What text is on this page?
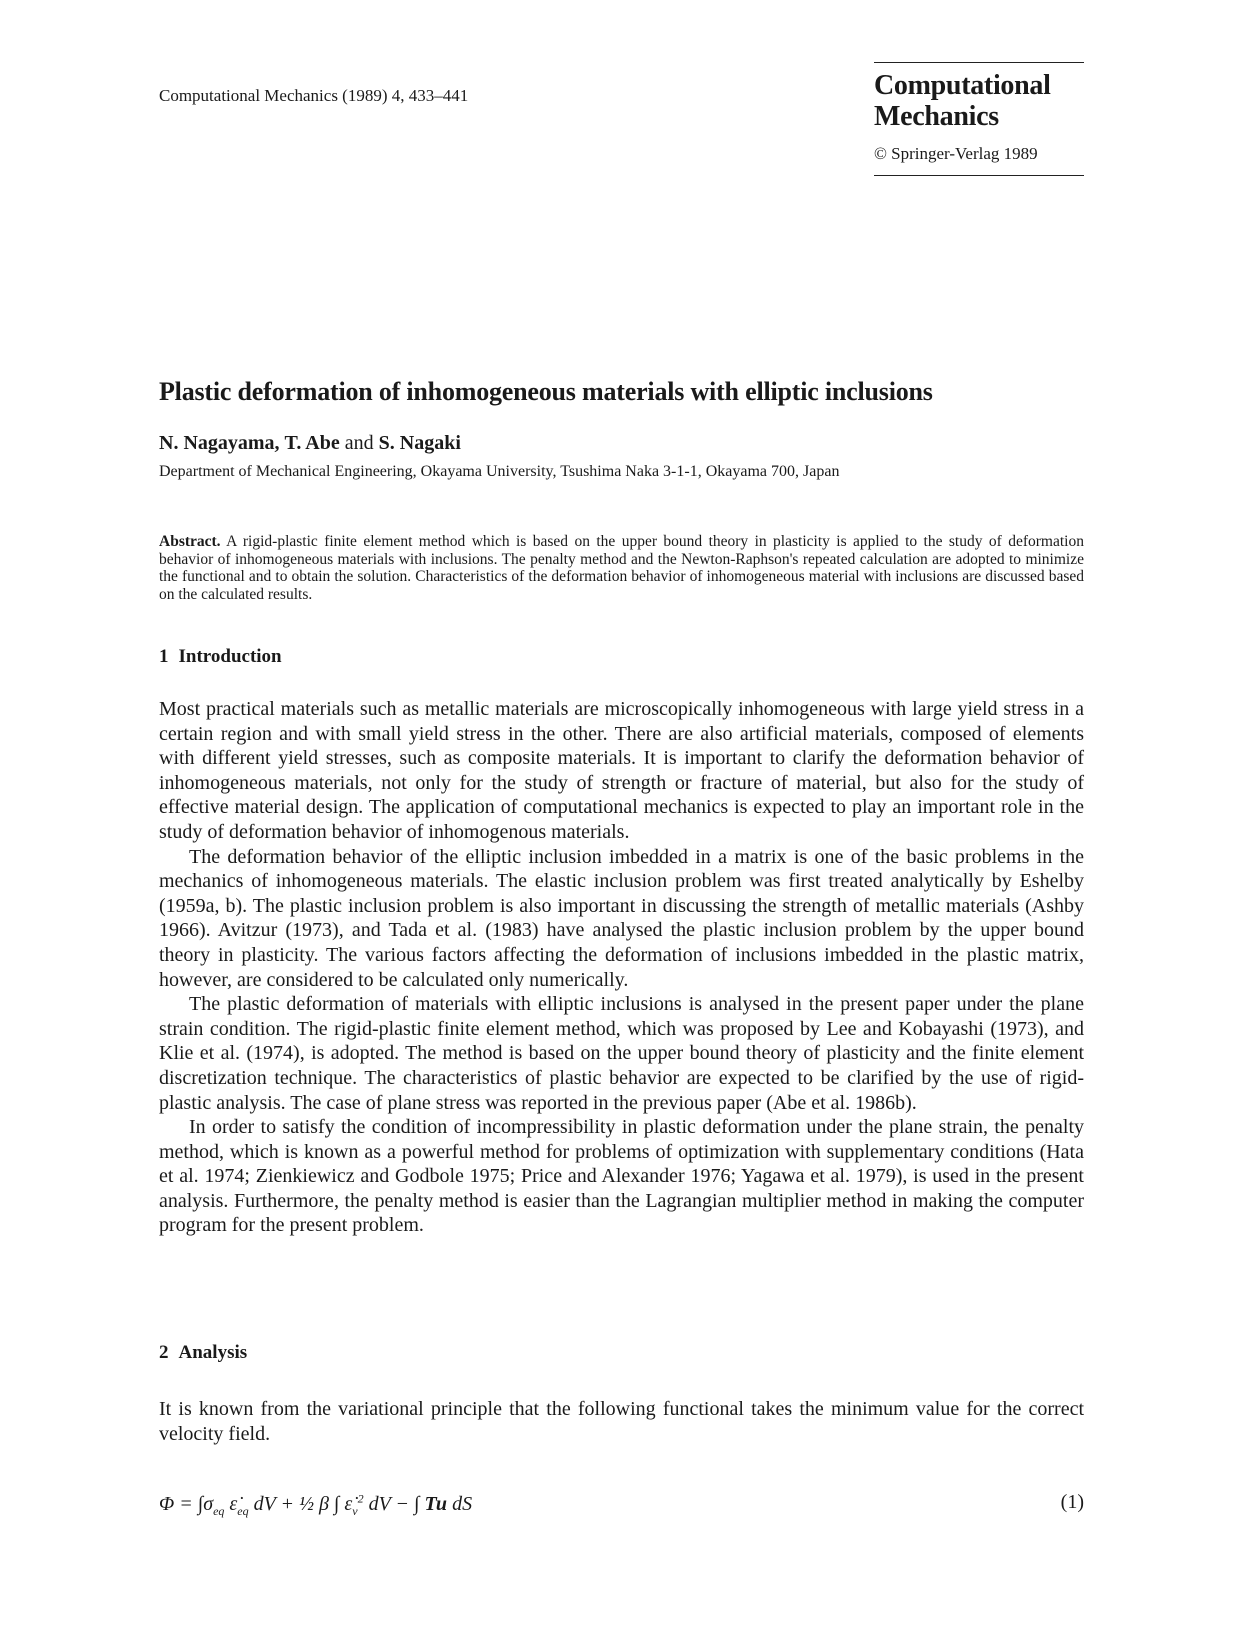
Computational Mechanics (1989) 4, 433–441	Computational
Mechanics
© Springer-Verlag 1989
Plastic deformation of inhomogeneous materials with elliptic inclusions
N. Nagayama, T. Abe and S. Nagaki
Department of Mechanical Engineering, Okayama University, Tsushima Naka 3-1-1, Okayama 700, Japan
Abstract. A rigid-plastic finite element method which is based on the upper bound theory in plasticity is applied to the study of deformation behavior of inhomogeneous materials with inclusions. The penalty method and the Newton-Raphson's repeated calculation are adopted to minimize the functional and to obtain the solution. Characteristics of the deformation behavior of inhomogeneous material with inclusions are discussed based on the calculated results.
1 Introduction

Most practical materials such as metallic materials are microscopically inhomogeneous with large yield stress in a certain region and with small yield stress in the other. There are also artificial materials, composed of elements with different yield stresses, such as composite materials. It is important to clarify the deformation behavior of inhomogeneous materials, not only for the study of strength or fracture of material, but also for the study of effective material design. The application of computational mechanics is expected to play an important role in the study of deformation behavior of inhomogenous materials.

The deformation behavior of the elliptic inclusion imbedded in a matrix is one of the basic problems in the mechanics of inhomogeneous materials. The elastic inclusion problem was first treated analytically by Eshelby (1959a, b). The plastic inclusion problem is also important in discussing the strength of metallic materials (Ashby 1966). Avitzur (1973), and Tada et al. (1983) have analysed the plastic inclusion problem by the upper bound theory in plasticity. The various factors affecting the deformation of inclusions imbedded in the plastic matrix, however, are considered to be calculated only numerically.

The plastic deformation of materials with elliptic inclusions is analysed in the present paper under the plane strain condition. The rigid-plastic finite element method, which was proposed by Lee and Kobayashi (1973), and Klie et al. (1974), is adopted. The method is based on the upper bound theory of plasticity and the finite element discretization technique. The characteristics of plastic behavior are expected to be clarified by the use of rigid-plastic analysis. The case of plane stress was reported in the previous paper (Abe et al. 1986b).

In order to satisfy the condition of incompressibility in plastic deformation under the plane strain, the penalty method, which is known as a powerful method for problems of optimization with supplementary conditions (Hata et al. 1974; Zienkiewicz and Godbole 1975; Price and Alexander 1976; Yagawa et al. 1979), is used in the present analysis. Furthermore, the penalty method is easier than the Lagrangian multiplier method in making the computer program for the present problem.

2 Analysis

It is known from the variational principle that the following functional takes the minimum value for the correct velocity field.

$\Phi = \int\sigma_{eq}$ $\varepsiloṅ_{eq}$ dV + ½ β ∫ $\varepsiloṅ_v^2$ dV − ∫ Tu dS	(1)
